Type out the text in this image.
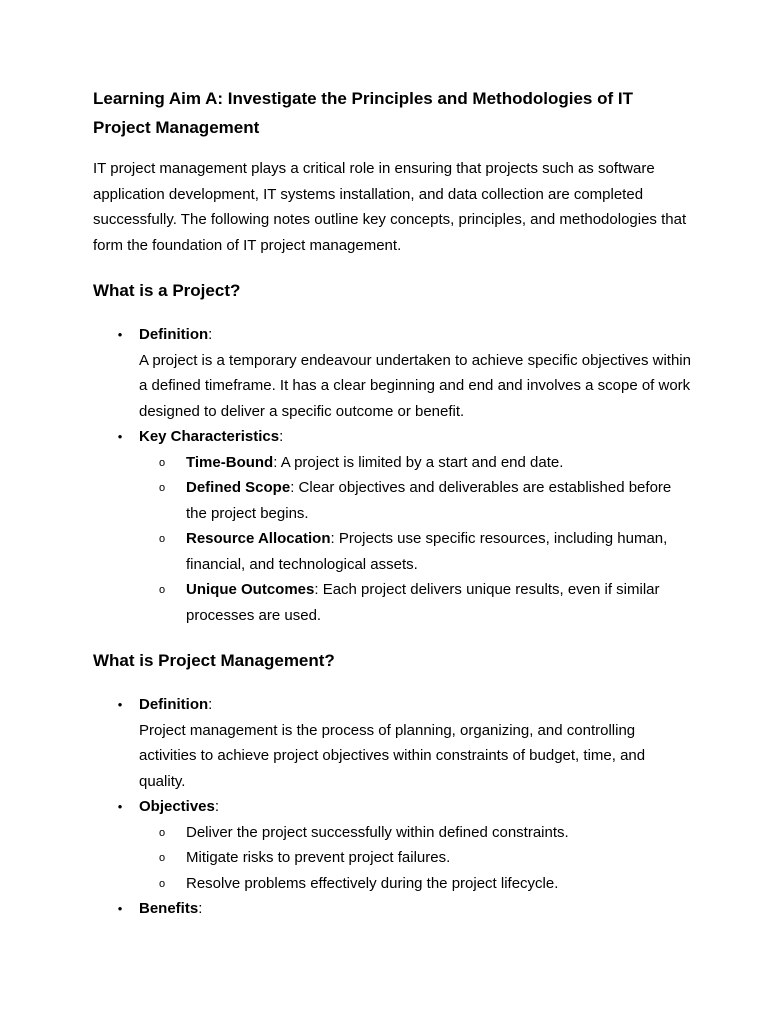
Learning Aim A: Investigate the Principles and Methodologies of IT Project Management

IT project management plays a critical role in ensuring that projects such as software application development, IT systems installation, and data collection are completed successfully. The following notes outline key concepts, principles, and methodologies that form the foundation of IT project management.

What is a Project?
• Definition:
A project is a temporary endeavour undertaken to achieve specific objectives within a defined timeframe. It has a clear beginning and end and involves a scope of work designed to deliver a specific outcome or benefit.
• Key Characteristics:
o Time-Bound: A project is limited by a start and end date.
o Defined Scope: Clear objectives and deliverables are established before the project begins.
o Resource Allocation: Projects use specific resources, including human, financial, and technological assets.
o Unique Outcomes: Each project delivers unique results, even if similar processes are used.
What is Project Management?
• Definition:
Project management is the process of planning, organizing, and controlling activities to achieve project objectives within constraints of budget, time, and quality.
• Objectives:
o Deliver the project successfully within defined constraints.
o Mitigate risks to prevent project failures.
o Resolve problems effectively during the project lifecycle.
• Benefits:
